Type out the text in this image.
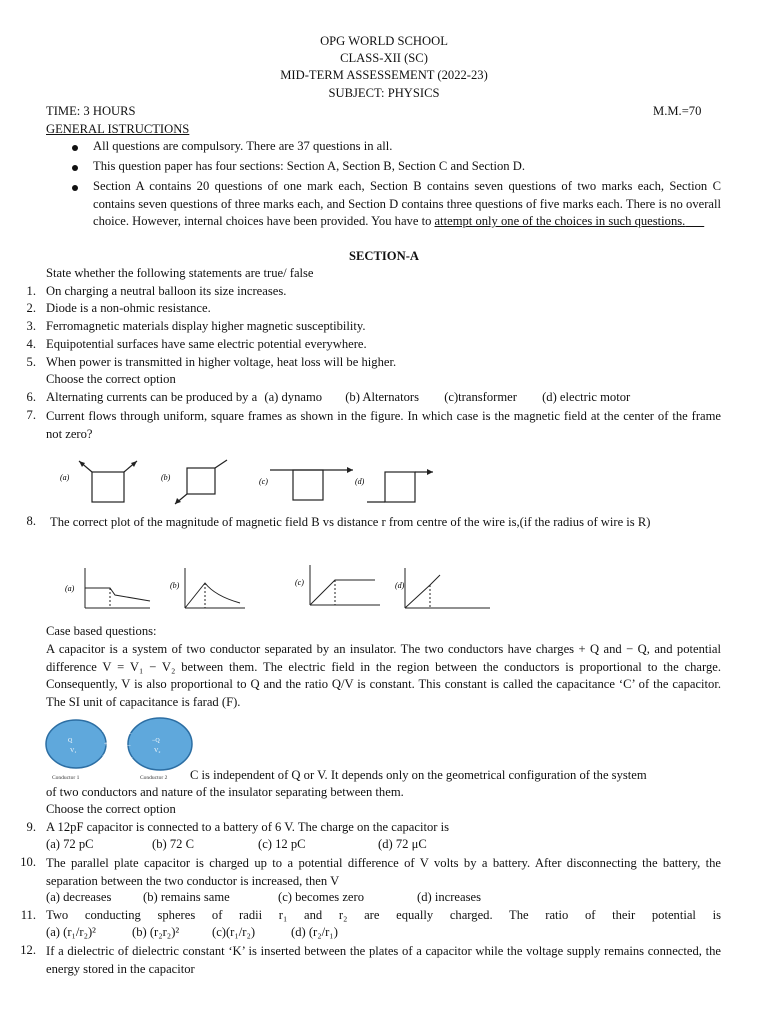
OPG WORLD SCHOOL
CLASS-XII (SC)
MID-TERM ASSESSEMENT (2022-23)
SUBJECT: PHYSICS
TIME: 3 HOURS	M.M.=70
GENERAL ISTRUCTIONS
All questions are compulsory. There are 37 questions in all.
This question paper has four sections: Section A, Section B, Section C and Section D.
Section A contains 20 questions of one mark each, Section B contains seven questions of two marks each, Section C contains seven questions of three marks each, and Section D contains three questions of five marks each. There is no overall choice. However, internal choices have been provided. You have to attempt only one of the choices in such questions.
SECTION-A
State whether the following statements are true/ false
1. On charging a neutral balloon its size increases.
2. Diode is a non-ohmic resistance.
3. Ferromagnetic materials display higher magnetic susceptibility.
4. Equipotential surfaces have same electric potential everywhere.
5. When power is transmitted in higher voltage, heat loss will be higher.
Choose the correct option
6. Alternating currents can be produced by a (a) dynamo (b) Alternators (c)transformer (d) electric motor
7. Current flows through uniform, square frames as shown in the figure. In which case is the magnetic field at the center of the frame not zero?
(a)	(b)	(c)	(d)
8. The correct plot of the magnitude of magnetic field B vs distance r from centre of the wire is,(if the radius of wire is R)
(a)	(b)	(c)	(d)
Case based questions:
A capacitor is a system of two conductor separated by an insulator. The two conductors have charges + Q and − Q, and potential difference V = V₁ − V₂ between them. The electric field in the region between the conductors is proportional to the charge. Consequently, V is also proportional to Q and the ratio Q/V is constant. This constant is called the capacitance ‘C’ of the capacitor. The SI unit of capacitance is farad (F).
+
+
+
−
−
−
Q
V₁
−Q
V₂
Conductor 1	Conductor 2 C is independent of Q or V. It depends only on the geometrical configuration of the system
of two conductors and nature of the insulator separating between them.
Choose the correct option
9. A 12pF capacitor is connected to a battery of 6 V. The charge on the capacitor is
(a) 72 pC	(b) 72 C	(c) 12 pC	(d) 72 μC
10. The parallel plate capacitor is charged up to a potential difference of V volts by a battery. After disconnecting the battery, the separation between the two conductor is increased, then V
(a) decreases	(b) remains same	(c) becomes zero	(d) increases
11. Two conducting spheres of radii r₁ and r₂ are equally charged. The ratio of their potential is
(a) (r₁/r₂)²	(b) (r₂r₂)²	(c)(r₁/r₂)	(d) (r₂/r₁)
12. If a dielectric of dielectric constant ‘K’ is inserted between the plates of a capacitor while the voltage supply remains connected, the energy stored in the capacitor
